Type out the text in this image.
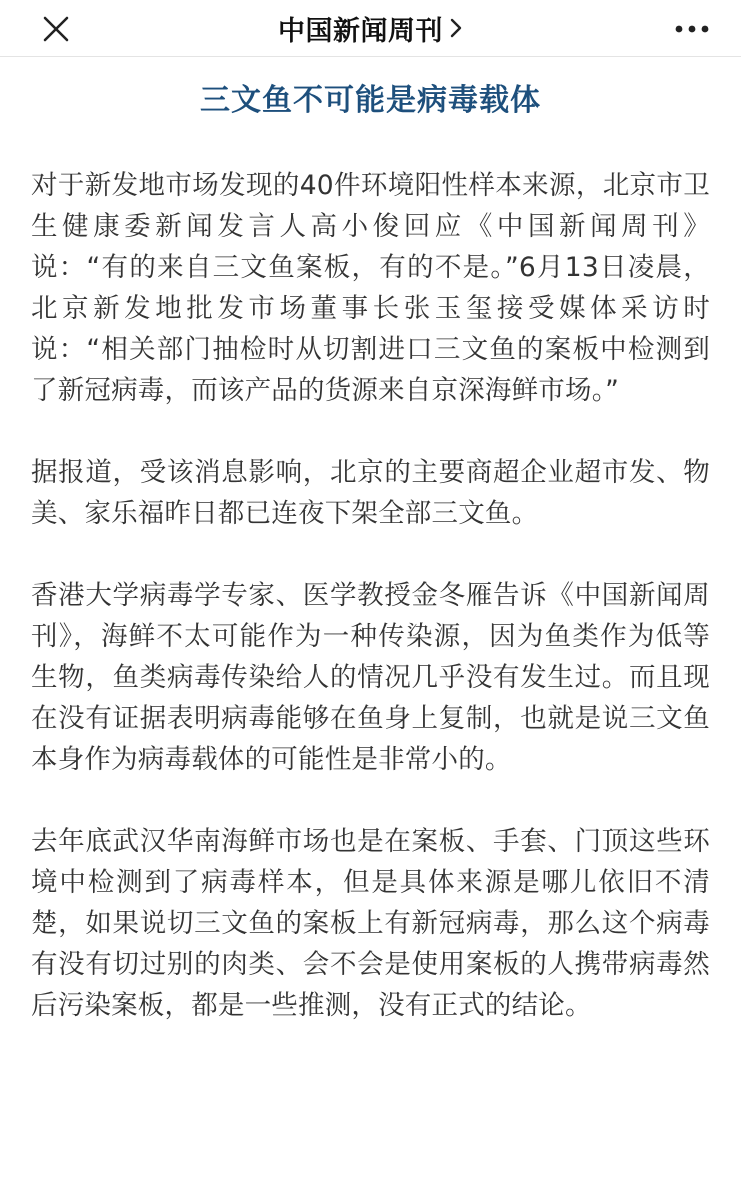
中国新闻周刊
三文鱼不可能是病毒载体

对于新发地市场发现的40件环境阳性样本来源，北京市卫生健康委新闻发言人高小俊回应《中国新闻周刊》说：“有的来自三文鱼案板，有的不是。”6月13日凌晨，北京新发地批发市场董事长张玉玺接受媒体采访时说：“相关部门抽检时从切割进口三文鱼的案板中检测到了新冠病毒，而该产品的货源来自京深海鲜市场。”

据报道，受该消息影响，北京的主要商超企业超市发、物美、家乐福昨日都已连夜下架全部三文鱼。

香港大学病毒学专家、医学教授金冬雁告诉《中国新闻周刊》，海鲜不太可能作为一种传染源，因为鱼类作为低等生物，鱼类病毒传染给人的情况几乎没有发生过。而且现在没有证据表明病毒能够在鱼身上复制，也就是说三文鱼本身作为病毒载体的可能性是非常小的。

去年底武汉华南海鲜市场也是在案板、手套、门顶这些环境中检测到了病毒样本，但是具体来源是哪儿依旧不清楚，如果说切三文鱼的案板上有新冠病毒，那么这个病毒有没有切过别的肉类、会不会是使用案板的人携带病毒然后污染案板，都是一些推测，没有正式的结论。
